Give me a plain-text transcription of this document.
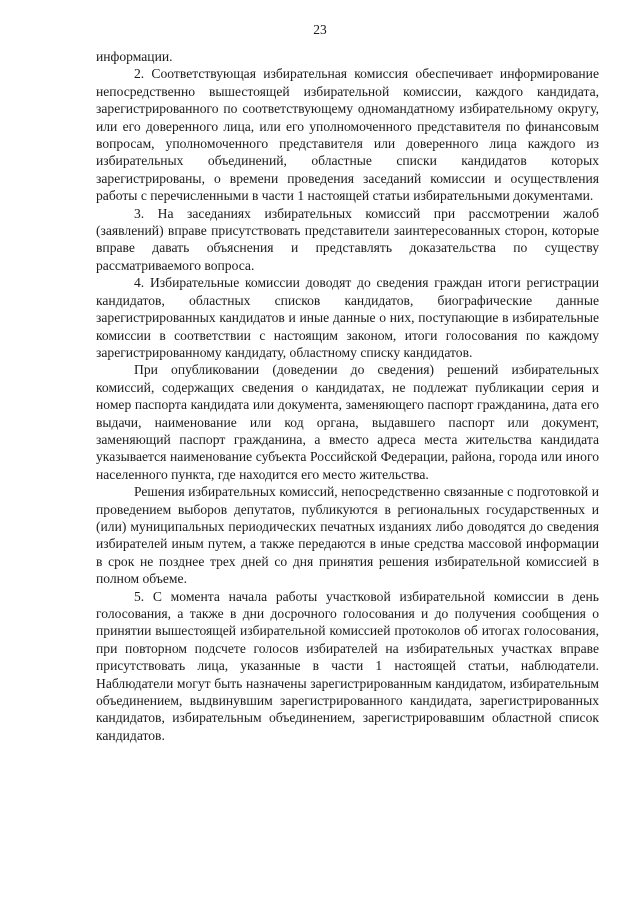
23

информации.

2. Соответствующая избирательная комиссия обеспечивает информирование непосредственно вышестоящей избирательной комиссии, каждого кандидата, зарегистрированного по соответствующему одномандатному избирательному округу, или его доверенного лица, или его уполномоченного представителя по финансовым вопросам, уполномоченного представителя или доверенного лица каждого из избирательных объединений, областные списки кандидатов которых зарегистрированы, о времени проведения заседаний комиссии и осуществления работы с перечисленными в части 1 настоящей статьи избирательными документами.

3. На заседаниях избирательных комиссий при рассмотрении жалоб (заявлений) вправе присутствовать представители заинтересованных сторон, которые вправе давать объяснения и представлять доказательства по существу рассматриваемого вопроса.

4. Избирательные комиссии доводят до сведения граждан итоги регистрации кандидатов, областных списков кандидатов, биографические данные зарегистрированных кандидатов и иные данные о них, поступающие в избирательные комиссии в соответствии с настоящим законом, итоги голосования по каждому зарегистрированному кандидату, областному списку кандидатов.

При опубликовании (доведении до сведения) решений избирательных комиссий, содержащих сведения о кандидатах, не подлежат публикации серия и номер паспорта кандидата или документа, заменяющего паспорт гражданина, дата его выдачи, наименование или код органа, выдавшего паспорт или документ, заменяющий паспорт гражданина, а вместо адреса места жительства кандидата указывается наименование субъекта Российской Федерации, района, города или иного населенного пункта, где находится его место жительства.

Решения избирательных комиссий, непосредственно связанные с подготовкой и проведением выборов депутатов, публикуются в региональных государственных и (или) муниципальных периодических печатных изданиях либо доводятся до сведения избирателей иным путем, а также передаются в иные средства массовой информации в срок не позднее трех дней со дня принятия решения избирательной комиссией в полном объеме.

5. С момента начала работы участковой избирательной комиссии в день голосования, а также в дни досрочного голосования и до получения сообщения о принятии вышестоящей избирательной комиссией протоколов об итогах голосования, при повторном подсчете голосов избирателей на избирательных участках вправе присутствовать лица, указанные в части 1 настоящей статьи, наблюдатели. Наблюдатели могут быть назначены зарегистрированным кандидатом, избирательным объединением, выдвинувшим зарегистрированного кандидата, зарегистрированных кандидатов, избирательным объединением, зарегистрировавшим областной список кандидатов.
